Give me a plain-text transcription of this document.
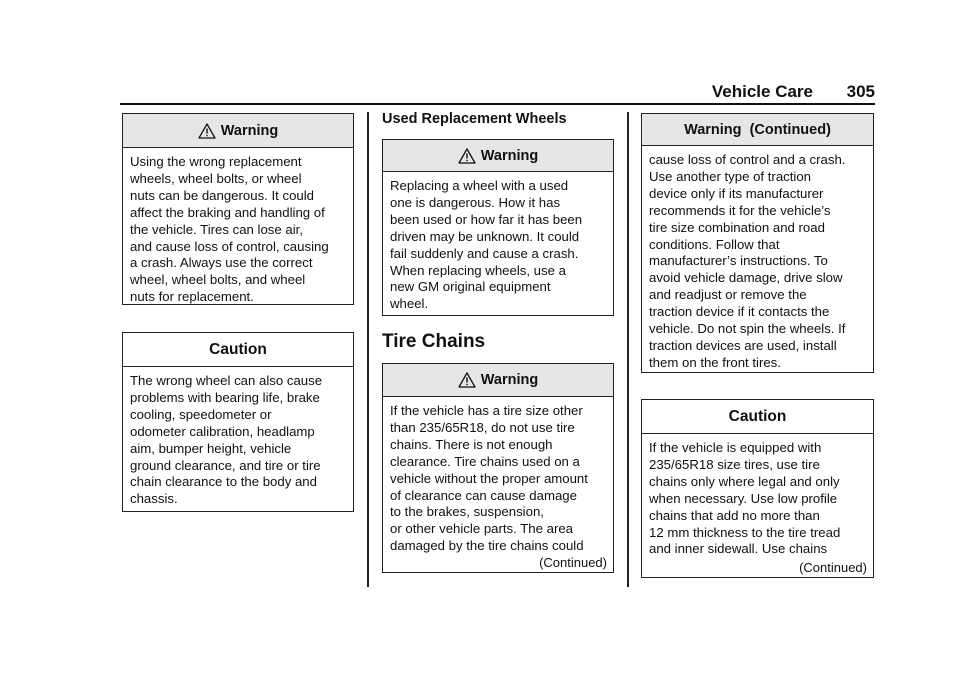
Vehicle Care 305
Warning
Using the wrong replacement
wheels, wheel bolts, or wheel
nuts can be dangerous. It could
affect the braking and handling of
the vehicle. Tires can lose air,
and cause loss of control, causing
a crash. Always use the correct
wheel, wheel bolts, and wheel
nuts for replacement.
Caution
The wrong wheel can also cause
problems with bearing life, brake
cooling, speedometer or
odometer calibration, headlamp
aim, bumper height, vehicle
ground clearance, and tire or tire
chain clearance to the body and
chassis.
Used Replacement Wheels
Warning
Replacing a wheel with a used
one is dangerous. How it has
been used or how far it has been
driven may be unknown. It could
fail suddenly and cause a crash.
When replacing wheels, use a
new GM original equipment
wheel.
Tire Chains
Warning
If the vehicle has a tire size other
than 235/65R18, do not use tire
chains. There is not enough
clearance. Tire chains used on a
vehicle without the proper amount
of clearance can cause damage
to the brakes, suspension,
or other vehicle parts. The area
damaged by the tire chains could
(Continued)
Warning  (Continued)
cause loss of control and a crash.
Use another type of traction
device only if its manufacturer
recommends it for the vehicle’s
tire size combination and road
conditions. Follow that
manufacturer’s instructions. To
avoid vehicle damage, drive slow
and readjust or remove the
traction device if it contacts the
vehicle. Do not spin the wheels. If
traction devices are used, install
them on the front tires.
Caution
If the vehicle is equipped with
235/65R18 size tires, use tire
chains only where legal and only
when necessary. Use low profile
chains that add no more than
12 mm thickness to the tire tread
and inner sidewall. Use chains
(Continued)
